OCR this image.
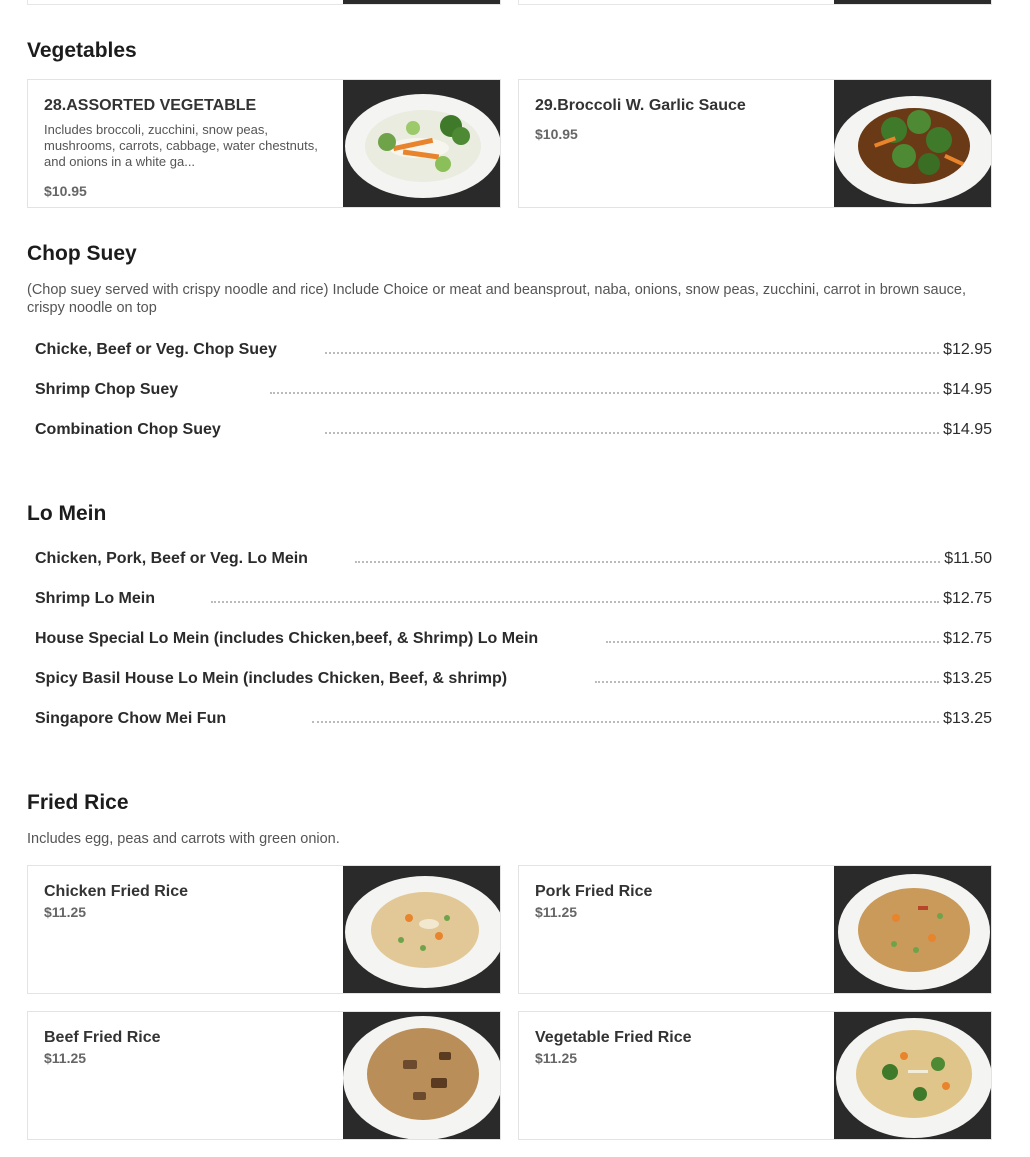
Vegetables
28.ASSORTED VEGETABLE
Includes broccoli, zucchini, snow peas, mushrooms, carrots, cabbage, water chestnuts, and onions in a white ga...
$10.95
29.Broccoli W. Garlic Sauce
$10.95
Chop Suey

(Chop suey served with crispy noodle and rice) Include Choice or meat and beansprout, naba, onions, snow peas, zucchini, carrot in brown sauce, crispy noodle on top

Chicke, Beef or Veg. Chop Suey	$12.95
Shrimp Chop Suey	$14.95
Combination Chop Suey	$14.95
Lo Mein
Chicken, Pork, Beef or Veg. Lo Mein	$11.50
Shrimp Lo Mein	$12.75
House Special Lo Mein (includes Chicken,beef, & Shrimp) Lo Mein	$12.75
Spicy Basil House Lo Mein (includes Chicken, Beef, & shrimp)	$13.25
Singapore Chow Mei Fun	$13.25
Fried Rice

Includes egg, peas and carrots with green onion.

Chicken Fried Rice
$11.25
Pork Fried Rice
$11.25
Beef Fried Rice
$11.25
Vegetable Fried Rice
$11.25
